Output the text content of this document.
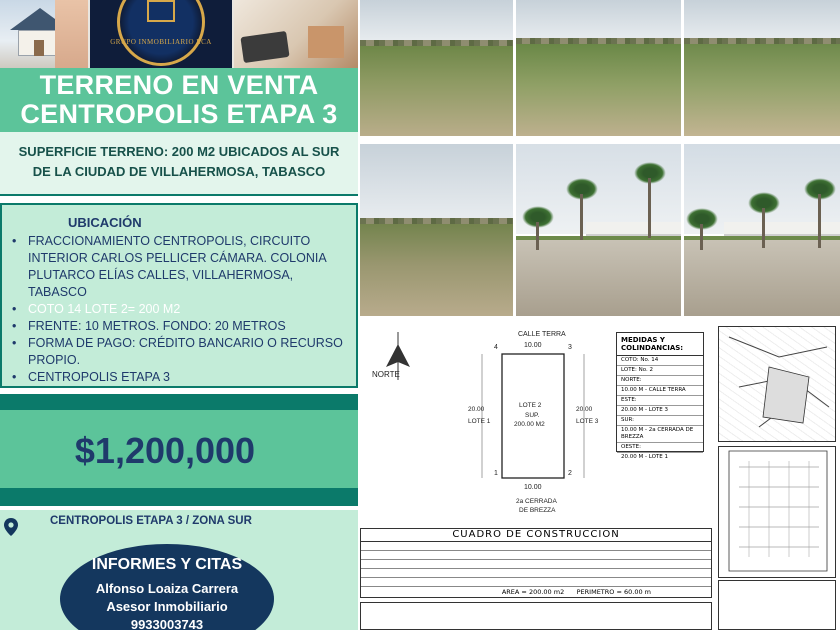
GRUPO INMOBILIARIO LCA
TERRENO EN VENTA
CENTROPOLIS ETAPA 3
SUPERFICIE TERRENO: 200 M2 UBICADOS AL SUR
DE LA CIUDAD DE VILLAHERMOSA, TABASCO
UBICACIÓN
• FRACCIONAMIENTO CENTROPOLIS, CIRCUITO INTERIOR CARLOS PELLICER CÁMARA. COLONIA PLUTARCO ELÍAS CALLES, VILLAHERMOSA, TABASCO
• COTO 14 LOTE 2= 200 M2
• FRENTE: 10 METROS. FONDO: 20 METROS
• FORMA DE PAGO: CRÉDITO BANCARIO O RECURSO PROPIO.
• CENTROPOLIS ETAPA 3
$1,200,000
CENTROPOLIS ETAPA 3 / ZONA SUR
INFORMES Y CITAS
Alfonso Loaiza Carrera
Asesor Inmobiliario
9933003743
NORTE
CALLE TERRA
10.00
4	3
1	2
LOTE 2
SUP.
200.00 M2
20.00
LOTE 1
20.00
LOTE 3
10.00
2a CERRADA
DE BREZZA
MEDIDAS Y
COLINDANCIAS:
COTO: No. 14
LOTE: No. 2
NORTE:
10.00 M - CALLE TERRA
ESTE:
20.00 M - LOTE 3
SUR:
10.00 M - 2a CERRADA DE BREZZA
OESTE:
20.00 M - LOTE 1
CUADRO DE CONSTRUCCION
AREA = 200.00 m2 PERIMETRO = 60.00 m
